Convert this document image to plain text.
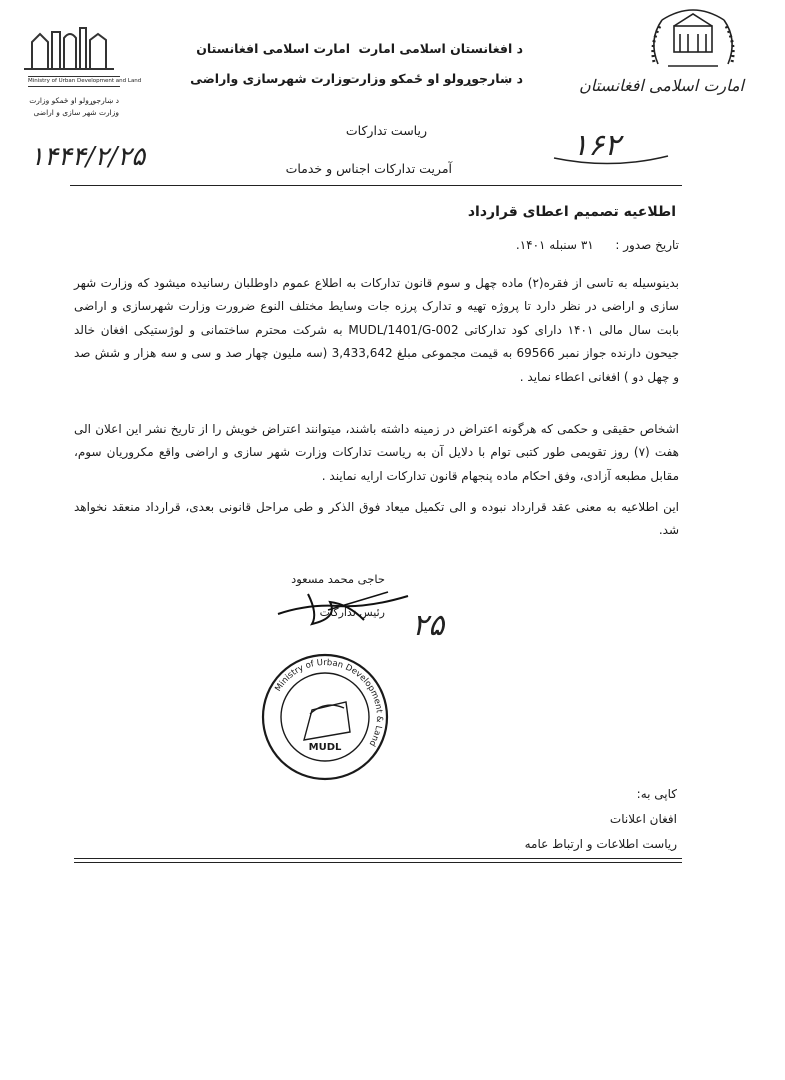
Ministry of Urban Development and Land
د ښارجوړولو او ځمکو وزارت
وزارت شهر سازی و اراضی
امارت اسلامی افغانستان
د افغانستان اسلامی امارت
د ښارجوړولو او ځمکو وزارت
امارت اسلامی افغانستان
وزارت شهرسازی واراضی
ریاست تدارکات
آمریت تدارکات اجناس و خدمات
۱۶۲
۱۴۴۴/۲/۲۵
اطلاعیه تصمیم اعطای قرارداد
تاریخ صدور :  ۳۱ سنبله ۱۴۰۱.
بدینوسیله به تاسی از فقره(۲) ماده چهل و سوم قانون تدارکات به اطلاع عموم داوطلبان رسانیده میشود که وزارت شهر سازی و اراضی در نظر دارد تا پروژه تهیه و تدارک پرزه جات وسایط مختلف النوع ضرورت وزارت شهرسازی و اراضی بابت سال مالی ۱۴۰۱ دارای کود تدارکاتی MUDL/1401/G-002 به شرکت محترم ساختمانی و لوژستیکی افغان خالد جیحون دارنده جواز نمبر 69566 به قیمت مجموعی مبلغ 3,433,642 (سه ملیون چهار صد و سی و سه هزار و شش صد و چهل دو ) افغانی اعطاء نماید .
اشخاص حقیقی و حکمی که هرگونه اعتراض در زمینه داشته باشند، میتوانند اعتراض خویش را از تاریخ نشر این اعلان الی هفت (۷) روز تقویمی طور کتبی توام با دلایل آن به ریاست تدارکات وزارت شهر سازی و اراضی واقع مکروریان سوم، مقابل مطبعه آزادی، وفق احکام ماده پنجهام قانون تدارکات ارایه نمایند .
این اطلاعیه به معنی عقد قرارداد نبوده و الی تکمیل میعاد فوق الذکر و طی مراحل قانونی بعدی، قرارداد منعقد نخواهد شد.
حاجی محمد مسعود
رئیس تدارکات ۲۵
Ministry of Urban Development & Land
MUDL
کاپی به:
افغان اعلانات
ریاست اطلاعات و ارتباط عامه
